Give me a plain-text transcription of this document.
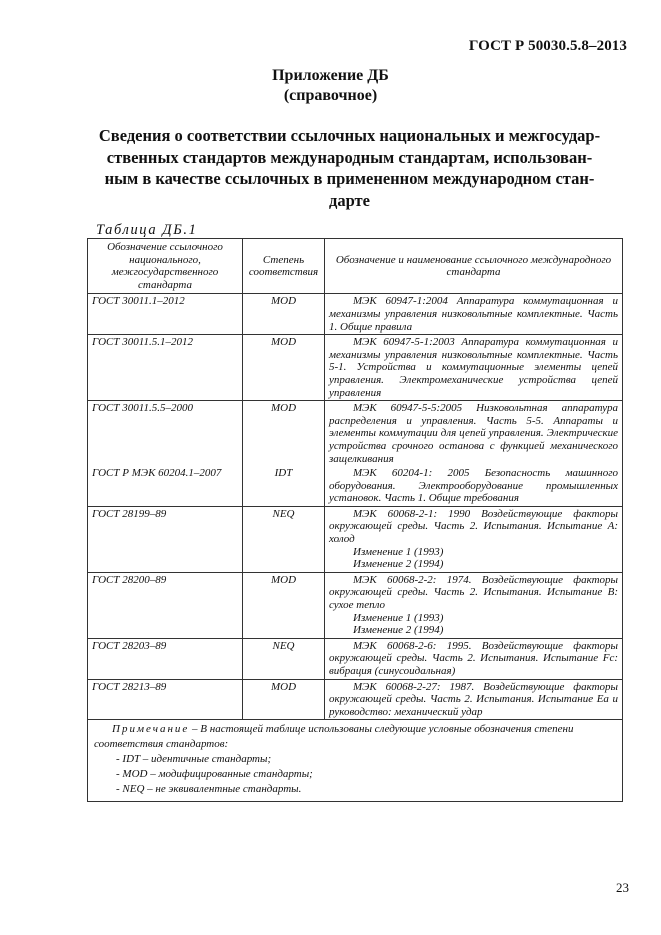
ГОСТ Р 50030.5.8–2013
Приложение ДБ
(справочное)
Сведения о соответствии ссылочных национальных и межгосудар-
ственных стандартов международным стандартам, использован-
ным в качестве ссылочных в примененном международном стан-
дарте
Таблица ДБ.1
Обозначение ссылочного национального, межгосударственного стандарта	Степень соответствия	Обозначение и наименование ссылочного международного стандарта
ГОСТ 30011.1–2012	MOD	МЭК 60947-1:2004 Аппаратура коммутационная и механизмы управления низковольтные комплектные. Часть 1. Общие правила

ГОСТ 30011.5.1–2012	MOD	МЭК 60947-5-1:2003 Аппаратура коммутационная и механизмы управления низковольтные комплектные. Часть 5-1. Устройства и коммутационные элементы цепей управления. Электромеханические устройства цепей управления

ГОСТ 30011.5.5–2000	MOD	МЭК 60947-5-5:2005 Низковольтная аппаратура распределения и управления. Часть 5-5. Аппараты и элементы коммутации для цепей управления. Электрические устройства срочного останова с функцией механического защелкивания

ГОСТ Р МЭК 60204.1–2007	IDT	МЭК 60204-1: 2005 Безопасность машинного оборудования. Электрооборудование промышленных установок. Часть 1. Общие требования

ГОСТ 28199–89	NEQ	МЭК 60068-2-1: 1990 Воздействующие факторы окружающей среды. Часть 2. Испытания. Испытание А: холод
Изменение 1 (1993)
Изменение 2 (1994)

ГОСТ 28200–89	MOD	МЭК 60068-2-2: 1974. Воздействующие факторы окружающей среды. Часть 2. Испытания. Испытание В: сухое тепло
Изменение 1 (1993)
Изменение 2 (1994)

ГОСТ 28203–89	NEQ	МЭК 60068-2-6: 1995. Воздействующие факторы окружающей среды. Часть 2. Испытания. Испытание Fc: вибрация (синусоидальная)

ГОСТ 28213–89	MOD	МЭК 60068-2-27: 1987. Воздействующие факторы окружающей среды. Часть 2. Испытания. Испытание Еа и руководство: механический удар

Примечание – В настоящей таблице использованы следующие условные обозначения степени соответствия стандартов:
- IDT – идентичные стандарты;
- MOD – модифицированные стандарты;
- NEQ – не эквивалентные стандарты.		
23
